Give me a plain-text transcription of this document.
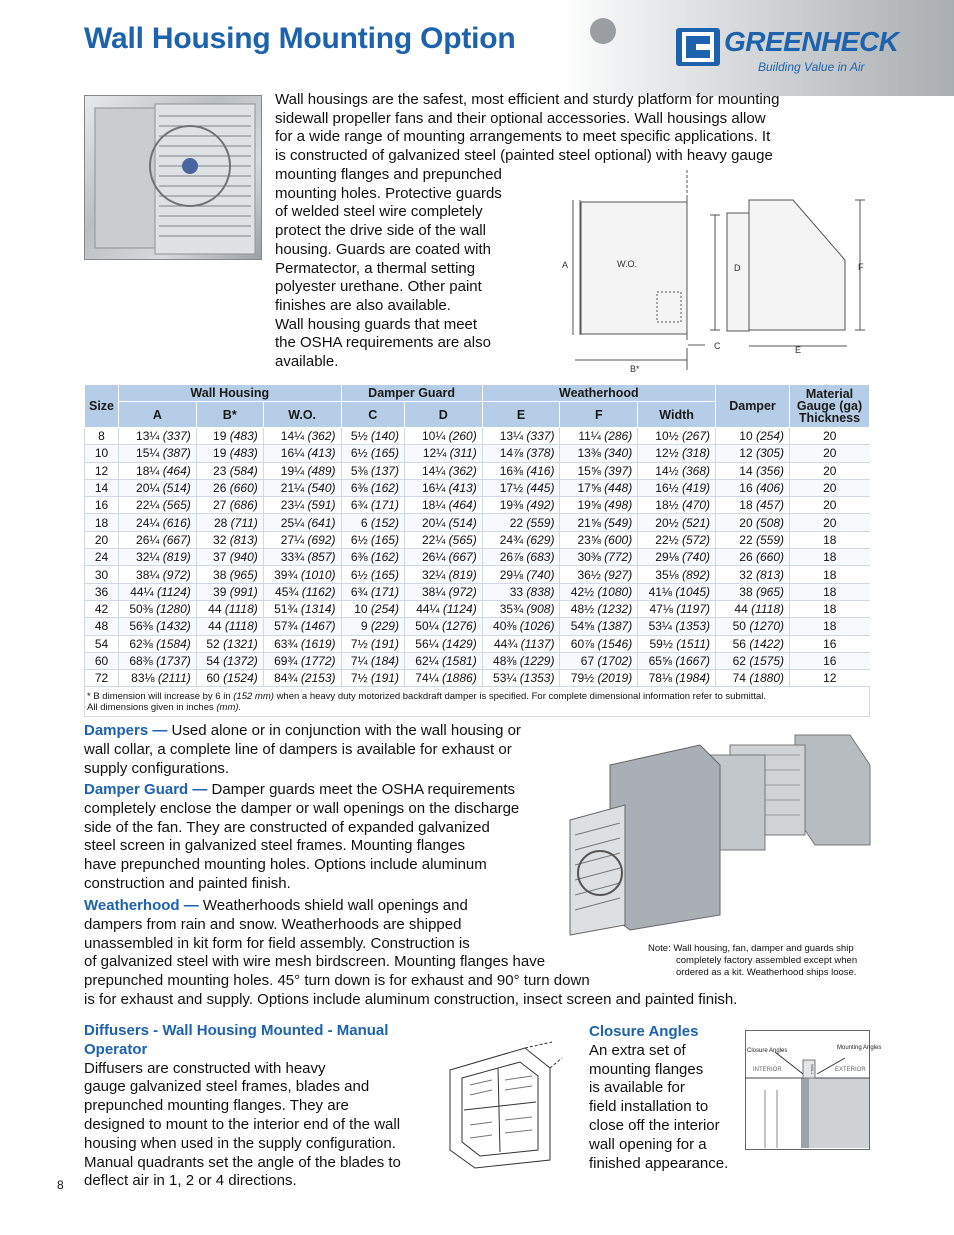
Wall Housing Mounting Option	GREENHECK
Building Value in Air
Wall housings are the safest, most efficient and sturdy platform for mounting
sidewall propeller fans and their optional accessories. Wall housings allow
for a wide range of mounting arrangements to meet specific applications. It
is constructed of galvanized steel (painted steel optional) with heavy gauge
mounting flanges and prepunched
mounting holes. Protective guards
of welded steel wire completely
protect the drive side of the wall
housing. Guards are coated with
Permatector, a thermal setting
polyester urethane. Other paint
finishes are also available.
Wall housing guards that meet
the OSHA requirements are also
available.
A	W.O.
B*
C
D
E
F
Size	Wall Housing			Damper Guard		Weatherhood			Damper	Material Gauge (ga) Thickness
	A	B*	W.O.	C	D	E	F	Width		
8	13¼ (337)	19 (483)	14¼ (362)	5½ (140)	10¼ (260)	13¼ (337)	11¼ (286)	10½ (267)	10 (254)	20
10	15¼ (387)	19 (483)	16¼ (413)	6½ (165)	12¼ (311)	14⅞ (378)	13⅜ (340)	12½ (318)	12 (305)	20
12	18¼ (464)	23 (584)	19¼ (489)	5⅜ (137)	14¼ (362)	16⅜ (416)	15⅝ (397)	14½ (368)	14 (356)	20
14	20¼ (514)	26 (660)	21¼ (540)	6⅜ (162)	16¼ (413)	17½ (445)	17⅝ (448)	16½ (419)	16 (406)	20
16	22¼ (565)	27 (686)	23¼ (591)	6¾ (171)	18¼ (464)	19⅜ (492)	19⅝ (498)	18½ (470)	18 (457)	20
18	24¼ (616)	28 (711)	25¼ (641)	6 (152)	20¼ (514)	22 (559)	21⅝ (549)	20½ (521)	20 (508)	20
20	26¼ (667)	32 (813)	27¼ (692)	6½ (165)	22¼ (565)	24¾ (629)	23⅝ (600)	22½ (572)	22 (559)	18
24	32¼ (819)	37 (940)	33¾ (857)	6⅜ (162)	26¼ (667)	26⅞ (683)	30⅜ (772)	29⅛ (740)	26 (660)	18
30	38¼ (972)	38 (965)	39¾ (1010)	6½ (165)	32¼ (819)	29⅛ (740)	36½ (927)	35⅛ (892)	32 (813)	18
36	44¼ (1124)	39 (991)	45¾ (1162)	6¾ (171)	38¼ (972)	33 (838)	42½ (1080)	41⅛ (1045)	38 (965)	18
42	50⅜ (1280)	44 (1118)	51¾ (1314)	10 (254)	44¼ (1124)	35¾ (908)	48½ (1232)	47⅛ (1197)	44 (1118)	18
48	56⅜ (1432)	44 (1118)	57¾ (1467)	9 (229)	50¼ (1276)	40⅜ (1026)	54⅝ (1387)	53¼ (1353)	50 (1270)	18
54	62⅜ (1584)	52 (1321)	63¾ (1619)	7½ (191)	56¼ (1429)	44¾ (1137)	60⅞ (1546)	59½ (1511)	56 (1422)	16
60	68⅜ (1737)	54 (1372)	69¾ (1772)	7¼ (184)	62¼ (1581)	48⅜ (1229)	67 (1702)	65⅝ (1667)	62 (1575)	16
72	83⅛ (2111)	60 (1524)	84¾ (2153)	7½ (191)	74¼ (1886)	53¼ (1353)	79½ (2019)	78⅛ (1984)	74 (1880)	12
* B dimension will increase by 6 in (152 mm) when a heavy duty motorized backdraft damper is specified. For complete dimensional information refer to submittal.
All dimensions given in inches (mm).										
Dampers — Used alone or in conjunction with the wall housing or
wall collar, a complete line of dampers is available for exhaust or
supply configurations.
Damper Guard — Damper guards meet the OSHA requirements
completely enclose the damper or wall openings on the discharge
side of the fan. They are constructed of expanded galvanized
steel screen in galvanized steel frames. Mounting flanges
have prepunched mounting holes. Options include aluminum
construction and painted finish.
Weatherhood — Weatherhoods shield wall openings and
dampers from rain and snow. Weatherhoods are shipped
unassembled in kit form for field assembly. Construction is
of galvanized steel with wire mesh birdscreen. Mounting flanges have
prepunched mounting holes. 45° turn down is for exhaust and 90° turn down
is for exhaust and supply. Options include aluminum construction, insect screen and painted finish.
Note: Wall housing, fan, damper and guards ship
completely factory assembled except when
ordered as a kit. Weatherhood ships loose.
Diffusers - Wall Housing Mounted - Manual Operator
Diffusers are constructed with heavy
gauge galvanized steel frames, blades and
prepunched mounting flanges. They are
designed to mount to the interior end of the wall
housing when used in the supply configuration.
Manual quadrants set the angle of the blades to
deflect air in 1, 2 or 4 directions.
Closure Angles
An extra set of
mounting flanges
is available for
field installation to
close off the interior
wall opening for a
finished appearance.
Closure Angles	Mounting Angles
WALL
INTERIOR	EXTERIOR
8
